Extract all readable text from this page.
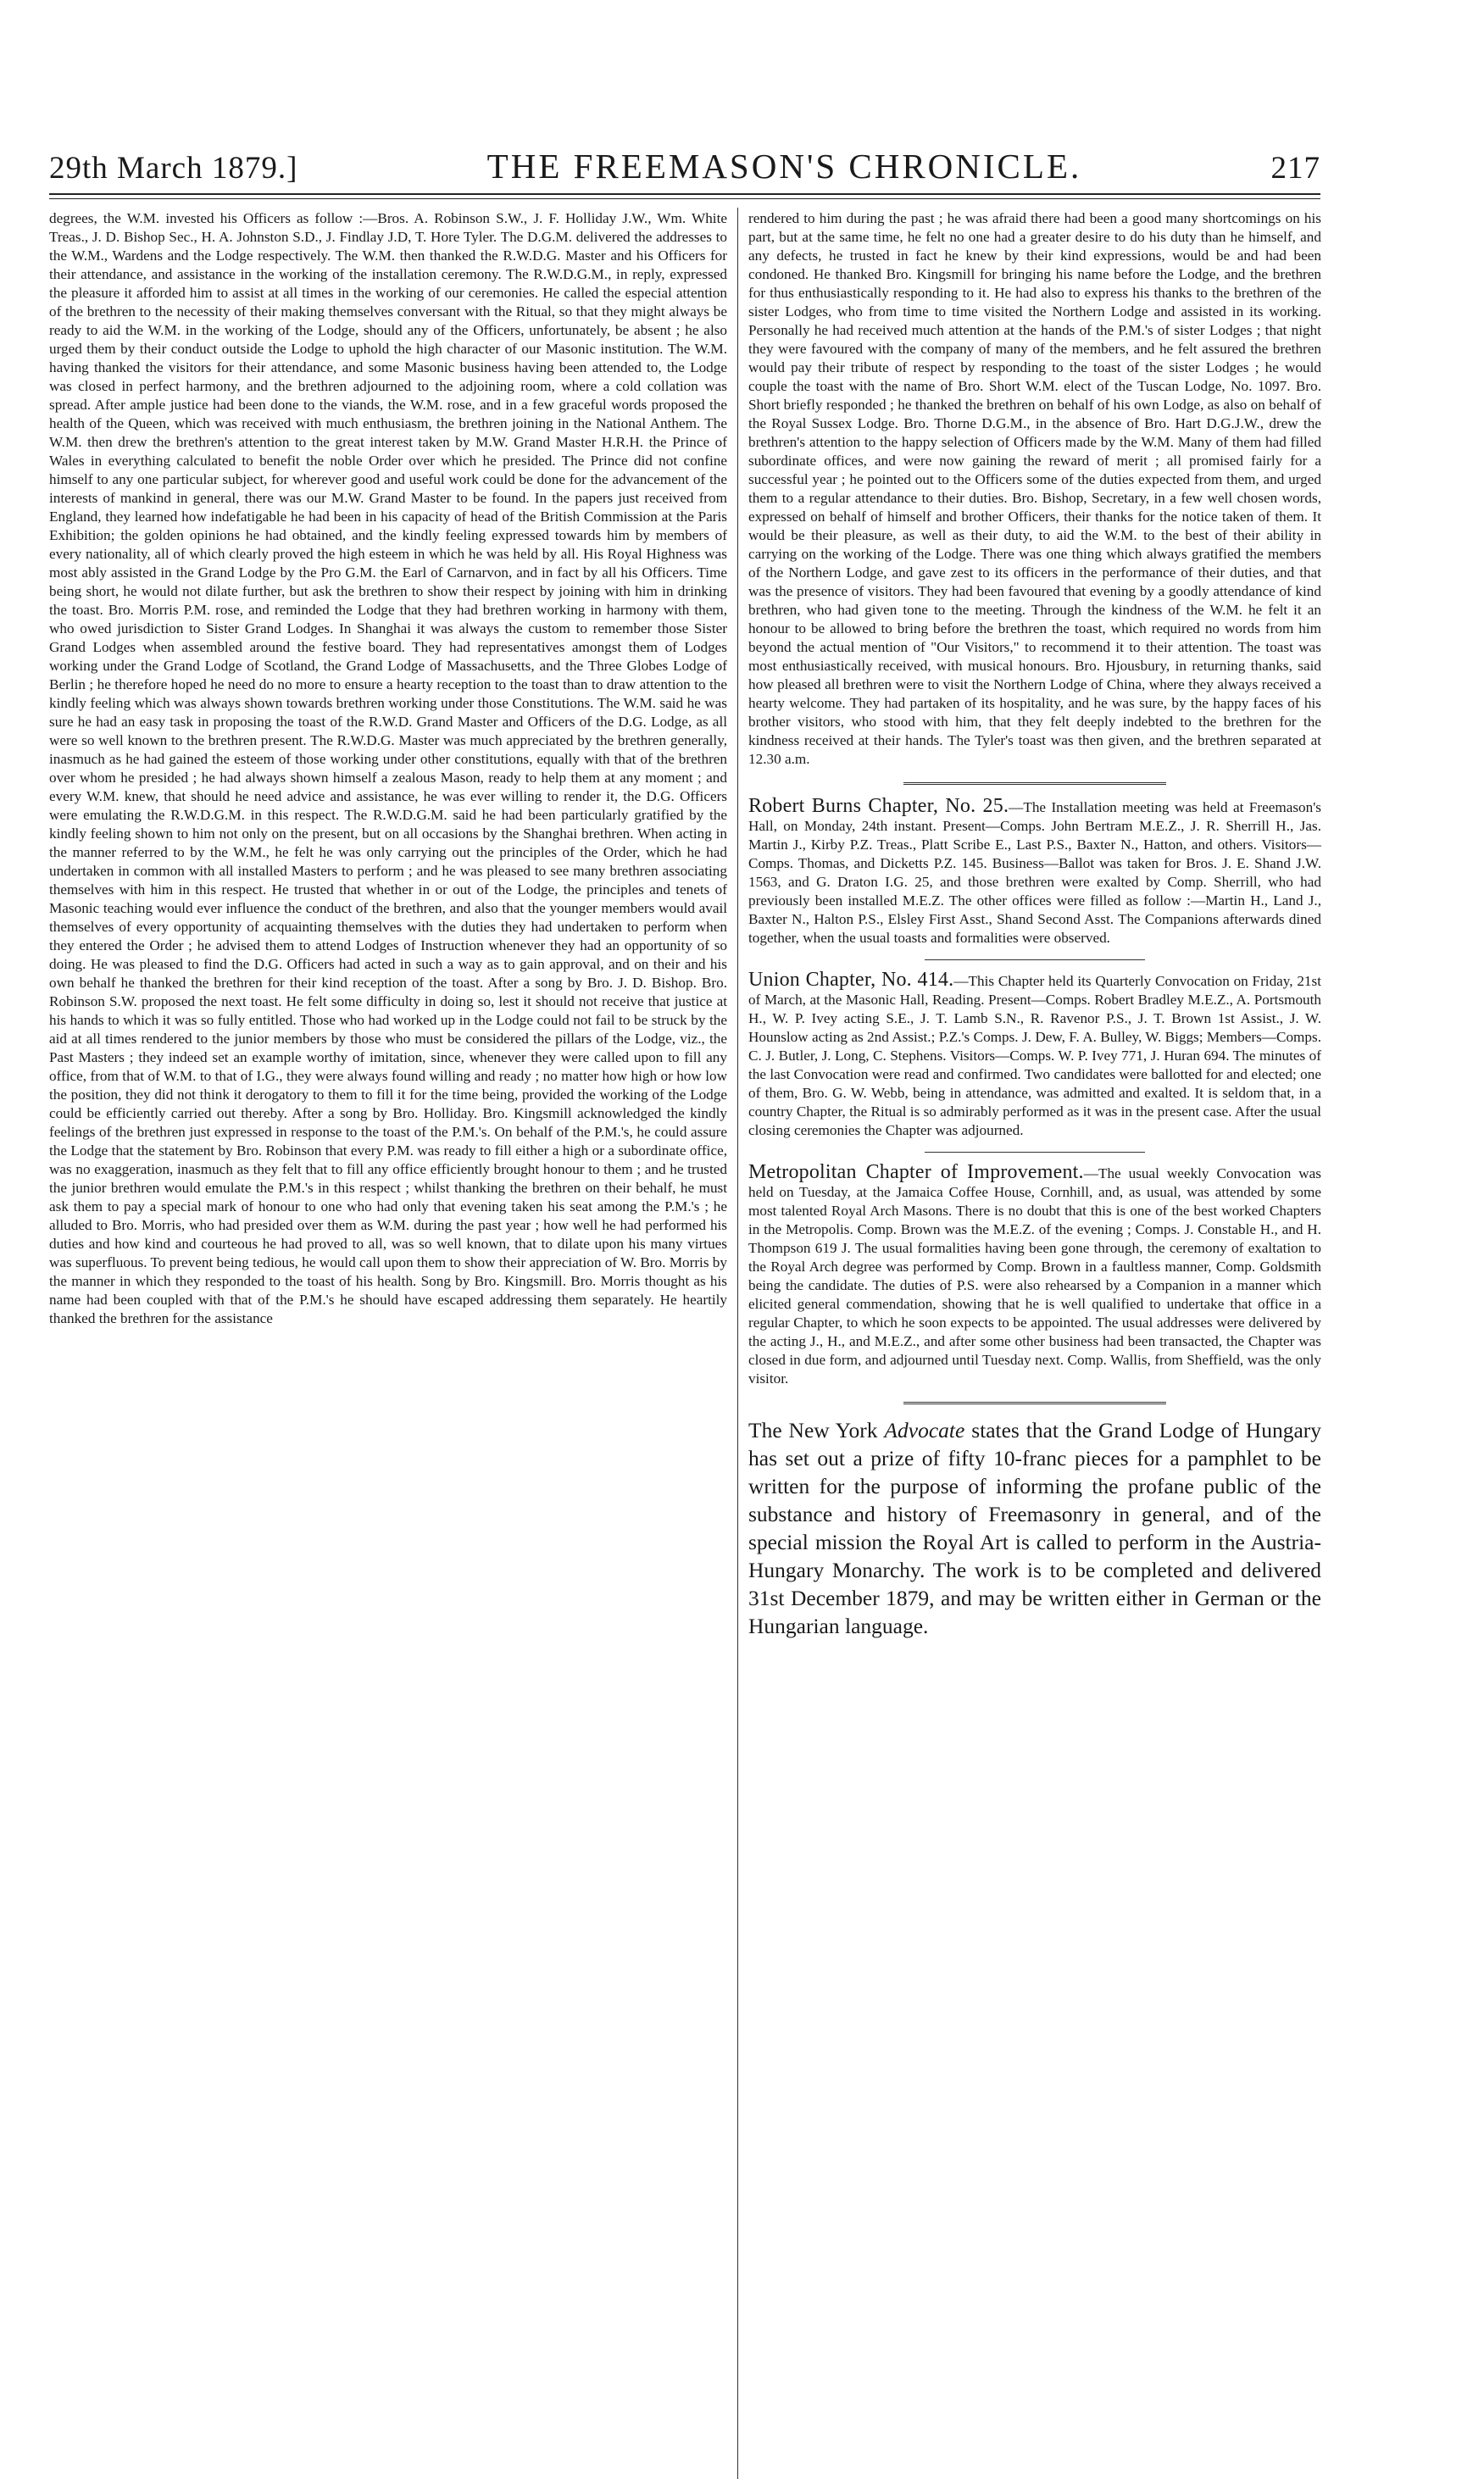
29th March 1879.]	THE FREEMASON'S CHRONICLE.	217

degrees, the W.M. invested his Officers as follow :—Bros. A. Robinson S.W., J. F. Holliday J.W., Wm. White Treas., J. D. Bishop Sec., H. A. Johnston S.D., J. Findlay J.D, T. Hore Tyler. The D.G.M. delivered the addresses to the W.M., Wardens and the Lodge respectively. The W.M. then thanked the R.W.D.G. Master and his Officers for their attendance, and assistance in the working of the installation ceremony. The R.W.D.G.M., in reply, expressed the pleasure it afforded him to assist at all times in the working of our ceremonies. He called the especial attention of the brethren to the necessity of their making themselves conversant with the Ritual, so that they might always be ready to aid the W.M. in the working of the Lodge, should any of the Officers, unfortunately, be absent ; he also urged them by their conduct outside the Lodge to uphold the high character of our Masonic institution. The W.M. having thanked the visitors for their attendance, and some Masonic business having been attended to, the Lodge was closed in perfect harmony, and the brethren adjourned to the adjoining room, where a cold collation was spread. After ample justice had been done to the viands, the W.M. rose, and in a few graceful words proposed the health of the Queen, which was received with much enthusiasm, the brethren joining in the National Anthem. The W.M. then drew the brethren's attention to the great interest taken by M.W. Grand Master H.R.H. the Prince of Wales in everything calculated to benefit the noble Order over which he presided. The Prince did not confine himself to any one particular subject, for wherever good and useful work could be done for the advancement of the interests of mankind in general, there was our M.W. Grand Master to be found. In the papers just received from England, they learned how indefatigable he had been in his capacity of head of the British Commission at the Paris Exhibition; the golden opinions he had obtained, and the kindly feeling expressed towards him by members of every nationality, all of which clearly proved the high esteem in which he was held by all. His Royal Highness was most ably assisted in the Grand Lodge by the Pro G.M. the Earl of Carnarvon, and in fact by all his Officers. Time being short, he would not dilate further, but ask the brethren to show their respect by joining with him in drinking the toast. Bro. Morris P.M. rose, and reminded the Lodge that they had brethren working in harmony with them, who owed jurisdiction to Sister Grand Lodges. In Shanghai it was always the custom to remember those Sister Grand Lodges when assembled around the festive board. They had representatives amongst them of Lodges working under the Grand Lodge of Scotland, the Grand Lodge of Massachusetts, and the Three Globes Lodge of Berlin ; he therefore hoped he need do no more to ensure a hearty reception to the toast than to draw attention to the kindly feeling which was always shown towards brethren working under those Constitutions. The W.M. said he was sure he had an easy task in proposing the toast of the R.W.D. Grand Master and Officers of the D.G. Lodge, as all were so well known to the brethren present. The R.W.D.G. Master was much appreciated by the brethren generally, inasmuch as he had gained the esteem of those working under other constitutions, equally with that of the brethren over whom he presided ; he had always shown himself a zealous Mason, ready to help them at any moment ; and every W.M. knew, that should he need advice and assistance, he was ever willing to render it, the D.G. Officers were emulating the R.W.D.G.M. in this respect. The R.W.D.G.M. said he had been particularly gratified by the kindly feeling shown to him not only on the present, but on all occasions by the Shanghai brethren. When acting in the manner referred to by the W.M., he felt he was only carrying out the principles of the Order, which he had undertaken in common with all installed Masters to perform ; and he was pleased to see many brethren associating themselves with him in this respect. He trusted that whether in or out of the Lodge, the principles and tenets of Masonic teaching would ever influence the conduct of the brethren, and also that the younger members would avail themselves of every opportunity of acquainting themselves with the duties they had undertaken to perform when they entered the Order ; he advised them to attend Lodges of Instruction whenever they had an opportunity of so doing. He was pleased to find the D.G. Officers had acted in such a way as to gain approval, and on their and his own behalf he thanked the brethren for their kind reception of the toast. After a song by Bro. J. D. Bishop. Bro. Robinson S.W. proposed the next toast. He felt some difficulty in doing so, lest it should not receive that justice at his hands to which it was so fully entitled. Those who had worked up in the Lodge could not fail to be struck by the aid at all times rendered to the junior members by those who must be considered the pillars of the Lodge, viz., the Past Masters ; they indeed set an example worthy of imitation, since, whenever they were called upon to fill any office, from that of W.M. to that of I.G., they were always found willing and ready ; no matter how high or how low the position, they did not think it derogatory to them to fill it for the time being, provided the working of the Lodge could be efficiently carried out thereby. After a song by Bro. Holliday. Bro. Kingsmill acknowledged the kindly feelings of the brethren just expressed in response to the toast of the P.M.'s. On behalf of the P.M.'s, he could assure the Lodge that the statement by Bro. Robinson that every P.M. was ready to fill either a high or a subordinate office, was no exaggeration, inasmuch as they felt that to fill any office efficiently brought honour to them ; and he trusted the junior brethren would emulate the P.M.'s in this respect ; whilst thanking the brethren on their behalf, he must ask them to pay a special mark of honour to one who had only that evening taken his seat among the P.M.'s ; he alluded to Bro. Morris, who had presided over them as W.M. during the past year ; how well he had performed his duties and how kind and courteous he had proved to all, was so well known, that to dilate upon his many virtues was superfluous. To prevent being tedious, he would call upon them to show their appreciation of W. Bro. Morris by the manner in which they responded to the toast of his health. Song by Bro. Kingsmill. Bro. Morris thought as his name had been coupled with that of the P.M.'s he should have escaped addressing them separately. He heartily thanked the brethren for the assistance

rendered to him during the past ; he was afraid there had been a good many shortcomings on his part, but at the same time, he felt no one had a greater desire to do his duty than he himself, and any defects, he trusted in fact he knew by their kind expressions, would be and had been condoned. He thanked Bro. Kingsmill for bringing his name before the Lodge, and the brethren for thus enthusiastically responding to it. He had also to express his thanks to the brethren of the sister Lodges, who from time to time visited the Northern Lodge and assisted in its working. Personally he had received much attention at the hands of the P.M.'s of sister Lodges ; that night they were favoured with the company of many of the members, and he felt assured the brethren would pay their tribute of respect by responding to the toast of the sister Lodges ; he would couple the toast with the name of Bro. Short W.M. elect of the Tuscan Lodge, No. 1097. Bro. Short briefly responded ; he thanked the brethren on behalf of his own Lodge, as also on behalf of the Royal Sussex Lodge. Bro. Thorne D.G.M., in the absence of Bro. Hart D.G.J.W., drew the brethren's attention to the happy selection of Officers made by the W.M. Many of them had filled subordinate offices, and were now gaining the reward of merit ; all promised fairly for a successful year ; he pointed out to the Officers some of the duties expected from them, and urged them to a regular attendance to their duties. Bro. Bishop, Secretary, in a few well chosen words, expressed on behalf of himself and brother Officers, their thanks for the notice taken of them. It would be their pleasure, as well as their duty, to aid the W.M. to the best of their ability in carrying on the working of the Lodge. There was one thing which always gratified the members of the Northern Lodge, and gave zest to its officers in the performance of their duties, and that was the presence of visitors. They had been favoured that evening by a goodly attendance of kind brethren, who had given tone to the meeting. Through the kindness of the W.M. he felt it an honour to be allowed to bring before the brethren the toast, which required no words from him beyond the actual mention of "Our Visitors," to recommend it to their attention. The toast was most enthusiastically received, with musical honours. Bro. Hjousbury, in returning thanks, said how pleased all brethren were to visit the Northern Lodge of China, where they always received a hearty welcome. They had partaken of its hospitality, and he was sure, by the happy faces of his brother visitors, who stood with him, that they felt deeply indebted to the brethren for the kindness received at their hands. The Tyler's toast was then given, and the brethren separated at 12.30 a.m.

Robert Burns Chapter, No. 25.—The Installation meeting was held at Freemason's Hall, on Monday, 24th instant. Present—Comps. John Bertram M.E.Z., J. R. Sherrill H., Jas. Martin J., Kirby P.Z. Treas., Platt Scribe E., Last P.S., Baxter N., Hatton, and others. Visitors—Comps. Thomas, and Dicketts P.Z. 145. Business—Ballot was taken for Bros. J. E. Shand J.W. 1563, and G. Draton I.G. 25, and those brethren were exalted by Comp. Sherrill, who had previously been installed M.E.Z. The other offices were filled as follow :—Martin H., Land J., Baxter N., Halton P.S., Elsley First Asst., Shand Second Asst. The Companions afterwards dined together, when the usual toasts and formalities were observed.

Union Chapter, No. 414.—This Chapter held its Quarterly Convocation on Friday, 21st of March, at the Masonic Hall, Reading. Present—Comps. Robert Bradley M.E.Z., A. Portsmouth H., W. P. Ivey acting S.E., J. T. Lamb S.N., R. Ravenor P.S., J. T. Brown 1st Assist., J. W. Hounslow acting as 2nd Assist.; P.Z.'s Comps. J. Dew, F. A. Bulley, W. Biggs; Members—Comps. C. J. Butler, J. Long, C. Stephens. Visitors—Comps. W. P. Ivey 771, J. Huran 694. The minutes of the last Convocation were read and confirmed. Two candidates were ballotted for and elected; one of them, Bro. G. W. Webb, being in attendance, was admitted and exalted. It is seldom that, in a country Chapter, the Ritual is so admirably performed as it was in the present case. After the usual closing ceremonies the Chapter was adjourned.

Metropolitan Chapter of Improvement.—The usual weekly Convocation was held on Tuesday, at the Jamaica Coffee House, Cornhill, and, as usual, was attended by some most talented Royal Arch Masons. There is no doubt that this is one of the best worked Chapters in the Metropolis. Comp. Brown was the M.E.Z. of the evening ; Comps. J. Constable H., and H. Thompson 619 J. The usual formalities having been gone through, the ceremony of exaltation to the Royal Arch degree was performed by Comp. Brown in a faultless manner, Comp. Goldsmith being the candidate. The duties of P.S. were also rehearsed by a Companion in a manner which elicited general commendation, showing that he is well qualified to undertake that office in a regular Chapter, to which he soon expects to be appointed. The usual addresses were delivered by the acting J., H., and M.E.Z., and after some other business had been transacted, the Chapter was closed in due form, and adjourned until Tuesday next. Comp. Wallis, from Sheffield, was the only visitor.

The New York Advocate states that the Grand Lodge of Hungary has set out a prize of fifty 10-franc pieces for a pamphlet to be written for the purpose of informing the profane public of the substance and history of Freemasonry in general, and of the special mission the Royal Art is called to perform in the Austria-Hungary Monarchy. The work is to be completed and delivered 31st December 1879, and may be written either in German or the Hungarian language.
